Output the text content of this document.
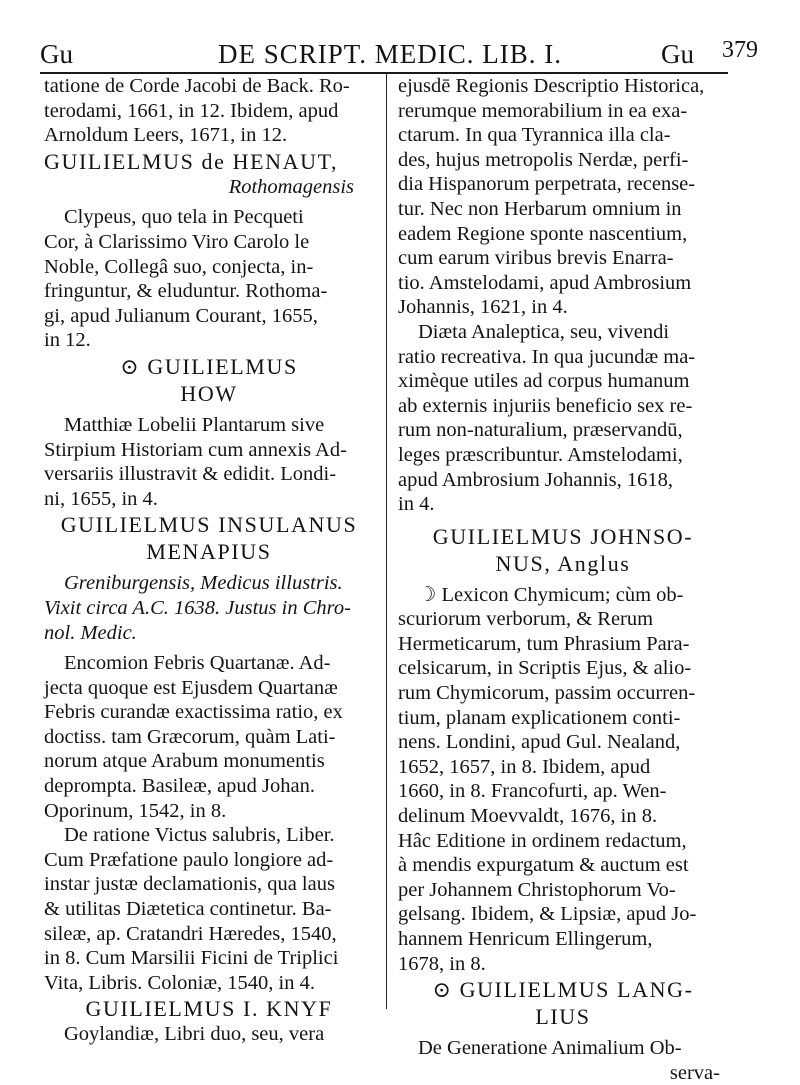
Gu	DE SCRIPT. MEDIC. LIB. I.	Gu 379
tatione de Corde Jacobi de Back. Ro-
terodami, 1661, in 12. Ibidem, apud
Arnoldum Leers, 1671, in 12.
GUILIELMUS de HENAUT,
Rothomagensis
Clypeus, quo tela in Pecqueti
Cor, à Clarissimo Viro Carolo le
Noble, Collegâ suo, conjecta, in-
fringuntur, & eluduntur. Rothoma-
gi, apud Julianum Courant, 1655,
in 12.
⊙ GUILIELMUS
HOW
Matthiæ Lobelii Plantarum sive
Stirpium Historiam cum annexis Ad-
versariis illustravit & edidit. Londi-
ni, 1655, in 4.
GUILIELMUS INSULANUS
MENAPIUS
Greniburgensis, Medicus illustris.
Vixit circa A.C. 1638. Justus in Chro-
nol. Medic.
Encomion Febris Quartanæ. Ad-
jecta quoque est Ejusdem Quartanæ
Febris curandæ exactissima ratio, ex
doctiss. tam Græcorum, quàm Lati-
norum atque Arabum monumentis
deprompta. Basileæ, apud Johan.
Oporinum, 1542, in 8.
De ratione Victus salubris, Liber.
Cum Præfatione paulo longiore ad-
instar justæ declamationis, qua laus
& utilitas Diætetica continetur. Ba-
sileæ, ap. Cratandri Hæredes, 1540,
in 8. Cum Marsilii Ficini de Triplici
Vita, Libris. Coloniæ, 1540, in 4.
GUILIELMUS I. KNYF
Goylandiæ, Libri duo, seu, vera
ejusdē Regionis Descriptio Historica,
rerumque memorabilium in ea exa-
ctarum. In qua Tyrannica illa cla-
des, hujus metropolis Nerdæ, perfi-
dia Hispanorum perpetrata, recense-
tur. Nec non Herbarum omnium in
eadem Regione sponte nascentium,
cum earum viribus brevis Enarra-
tio. Amstelodami, apud Ambrosium
Johannis, 1621, in 4.
Diæta Analeptica, seu, vivendi
ratio recreativa. In qua jucundæ ma-
ximèque utiles ad corpus humanum
ab externis injuriis beneficio sex re-
rum non-naturalium, præservandū,
leges præscribuntur. Amstelodami,
apud Ambrosium Johannis, 1618,
in 4.
GUILIELMUS JOHNSO-
NUS, Anglus
☽ Lexicon Chymicum; cùm ob-
scuriorum verborum, & Rerum
Hermeticarum, tum Phrasium Para-
celsicarum, in Scriptis Ejus, & alio-
rum Chymicorum, passim occurren-
tium, planam explicationem conti-
nens. Londini, apud Gul. Nealand,
1652, 1657, in 8. Ibidem, apud
1660, in 8. Francofurti, ap. Wen-
delinum Moevvaldt, 1676, in 8.
Hâc Editione in ordinem redactum,
à mendis expurgatum & auctum est
per Johannem Christophorum Vo-
gelsang. Ibidem, & Lipsiæ, apud Jo-
hannem Henricum Ellingerum,
1678, in 8.
⊙ GUILIELMUS LANG-
LIUS
De Generatione Animalium Ob-
serva-
